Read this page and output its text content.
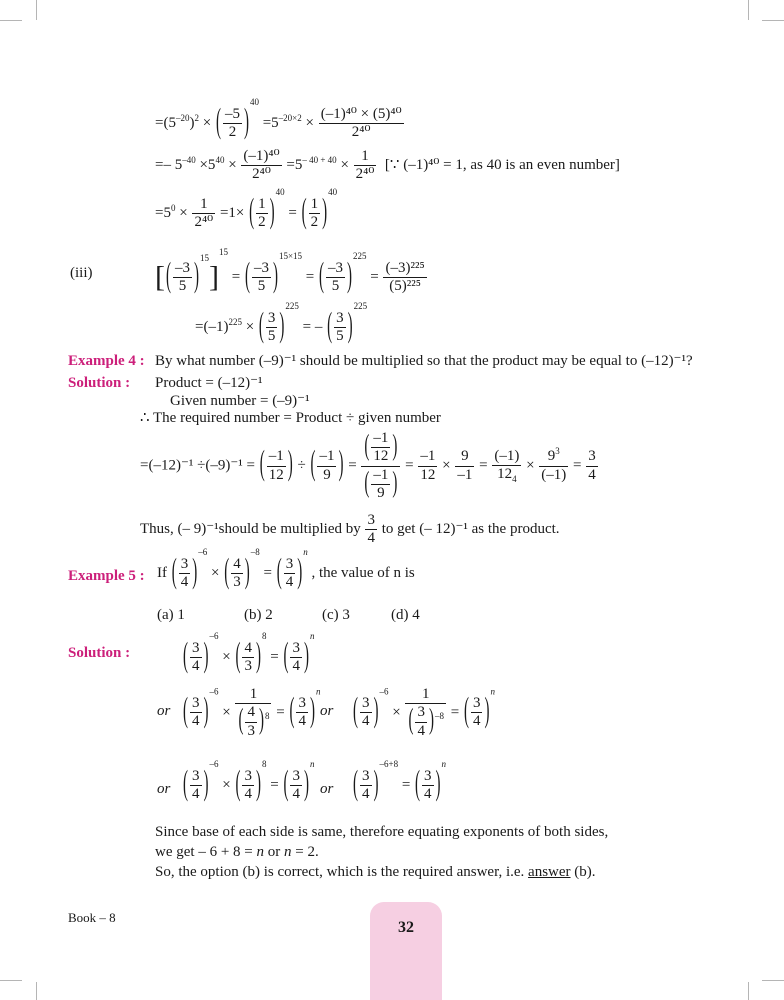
$=(5^{-20})^2$ × ( $\frac{-5}{2} )^{40} =5^{-20\times 2} \times \frac{\text{(–1)⁴⁰ × (5)⁴⁰}}{\text{2⁴⁰}}$
=– $5^{-40} \times 5^{40} \times \frac{\text{(–1)⁴⁰}}{\text{2⁴⁰}} =5^{- 40 + 40} \times \frac{1}{\text{2⁴⁰}}$ [∵ (–1)⁴⁰ = 1, as 40 is an even number]
$=5^0 \times \frac{1}{\text{2⁴⁰}} =1\times$ ( $\frac{1}{2} )^{40}$ = ( $\frac{1}{2} )^{40}$
(iii) [( $\frac{-3}{5} )^{15}]^{15}$ = ( $\frac{-3}{5} )^{15\times 15}$ = ( $\frac{-3}{5} )^{225} = \frac{\text{(–3)²²⁵}}{\text{(5)²²⁵}}$
$=(-1)^{225}$ × ( $\frac{3}{5} )^{225}$ = – ( $\frac{3}{5} )^{225}$
Example 4 : By what number (–9)⁻¹ should be multiplied so that the product may be equal to (–12)⁻¹?
Solution : Product = (–12)⁻¹
Given number = (–9)⁻¹
∴ The required number = Product ÷ given number
=(–12)⁻¹ ÷(–9)⁻¹ = ( $\frac{-1}{12}$ ) ÷ ( $\frac{-1}{9}$ ) = $\frac{( \frac{-1}{12} )}{( \frac{-1}{9} )} = \frac{-1}{12} \times \frac{9}{-1} = \frac{(-1)}{12_4} \times \frac{9^3}{(-1)} = \frac{3}{4}$
Thus, (– 9)⁻¹should be multiplied by $\frac{3}{4}$ to get (– 12)⁻¹ as the product.
Example 5 : If ( $\frac{3}{4} )^{-6}$ × ( $\frac{4}{3} )^{-8}$ = ( $\frac{3}{4} )^n$ , the value of n is
(a) 1	(b) 2	(c) 3	(d) 4
Solution :	( $\frac{3}{4} )^{-6}$ × ( $\frac{4}{3} )^8$ = ( $\frac{3}{4} )^n$
or ( $\frac{3}{4} )^{-6} \times \frac{1}{( \frac{4}{3} )^8}$ = ( $\frac{3}{4} )^n$
or ( $\frac{3}{4} )^{-6} \times \frac{1}{( \frac{3}{4} )^{-8}}$ = ( $\frac{3}{4} )^n$
or ( $\frac{3}{4} )^{-6}$ × ( $\frac{3}{4} )^8$ = ( $\frac{3}{4} )^n$
or ( $\frac{3}{4} )^{-6+8}$ = ( $\frac{3}{4} )^n$
Since base of each side is same, therefore equating exponents of both sides,
we get – 6 + 8 = n or n = 2.
So, the option (b) is correct, which is the required answer, i.e. answer (b).
Book – 8
32
